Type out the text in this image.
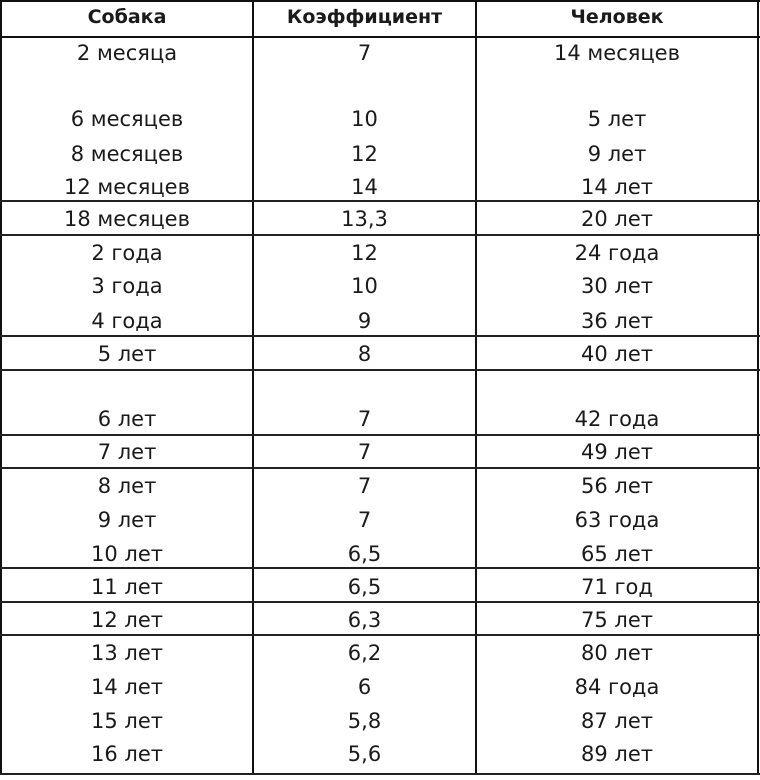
Собака	Коэффициент	Человек
2 месяца	7	14 месяцев
6 месяцев	10	5 лет
8 месяцев	12	9 лет
12 месяцев	14	14 лет
18 месяцев	13,3	20 лет
2 года	12	24 года
3 года	10	30 лет
4 года	9	36 лет
5 лет	8	40 лет
6 лет	7	42 года
7 лет	7	49 лет
8 лет	7	56 лет
9 лет	7	63 года
10 лет	6,5	65 лет
11 лет	6,5	71 год
12 лет	6,3	75 лет
13 лет	6,2	80 лет
14 лет	6	84 года
15 лет	5,8	87 лет
16 лет	5,6	89 лет
